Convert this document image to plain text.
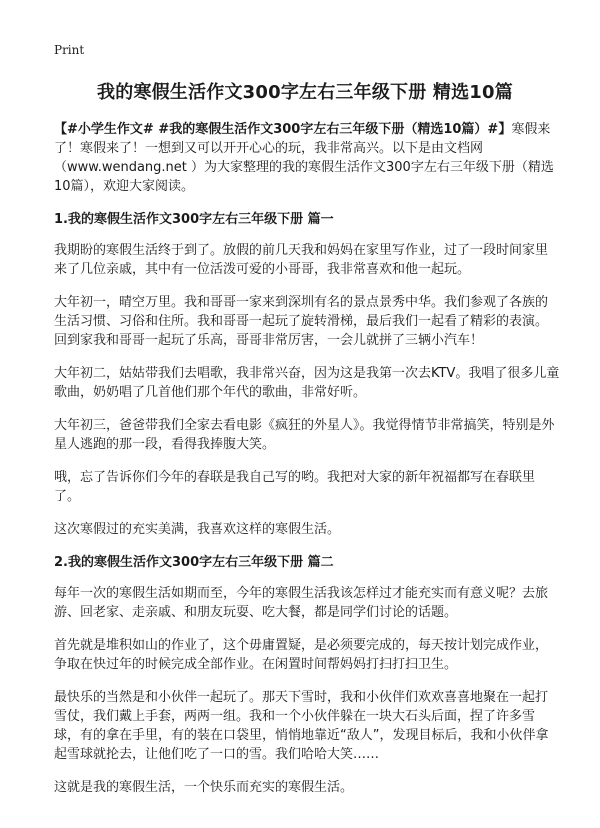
Print
我的寒假生活作文300字左右三年级下册 精选10篇

【#小学生作文# #我的寒假生活作文300字左右三年级下册（精选10篇）#】寒假来了！寒假来了！一想到又可以开开心心的玩，我非常高兴。以下是由文档网（www.wendang.net ）为大家整理的我的寒假生活作文300字左右三年级下册（精选10篇），欢迎大家阅读。

1.我的寒假生活作文300字左右三年级下册 篇一

我期盼的寒假生活终于到了。放假的前几天我和妈妈在家里写作业，过了一段时间家里来了几位亲戚，其中有一位活泼可爱的小哥哥，我非常喜欢和他一起玩。

大年初一，晴空万里。我和哥哥一家来到深圳有名的景点景秀中华。我们参观了各族的生活习惯、习俗和住所。我和哥哥一起玩了旋转滑梯，最后我们一起看了精彩的表演。回到家我和哥哥一起玩了乐高，哥哥非常厉害，一会儿就拼了三辆小汽车！

大年初二，姑姑带我们去唱歌，我非常兴奋，因为这是我第一次去KTV。我唱了很多儿童歌曲，奶奶唱了几首他们那个年代的歌曲，非常好听。

大年初三，爸爸带我们全家去看电影《疯狂的外星人》。我觉得情节非常搞笑，特别是外星人逃跑的那一段，看得我捧腹大笑。

哦，忘了告诉你们今年的春联是我自己写的哟。我把对大家的新年祝福都写在春联里了。

这次寒假过的充实美满，我喜欢这样的寒假生活。

2.我的寒假生活作文300字左右三年级下册 篇二

每年一次的寒假生活如期而至，今年的寒假生活我该怎样过才能充实而有意义呢？去旅游、回老家、走亲戚、和朋友玩耍、吃大餐，都是同学们讨论的话题。

首先就是堆积如山的作业了，这个毋庸置疑，是必须要完成的，每天按计划完成作业，争取在快过年的时候完成全部作业。在闲置时间帮妈妈打扫打扫卫生。

最快乐的当然是和小伙伴一起玩了。那天下雪时，我和小伙伴们欢欢喜喜地聚在一起打雪仗，我们戴上手套，两两一组。我和一个小伙伴躲在一块大石头后面，捏了许多雪球，有的拿在手里，有的装在口袋里，悄悄地靠近“敌人”，发现目标后，我和小伙伴拿起雪球就抡去，让他们吃了一口的雪。我们哈哈大笑……

这就是我的寒假生活，一个快乐而充实的寒假生活。
